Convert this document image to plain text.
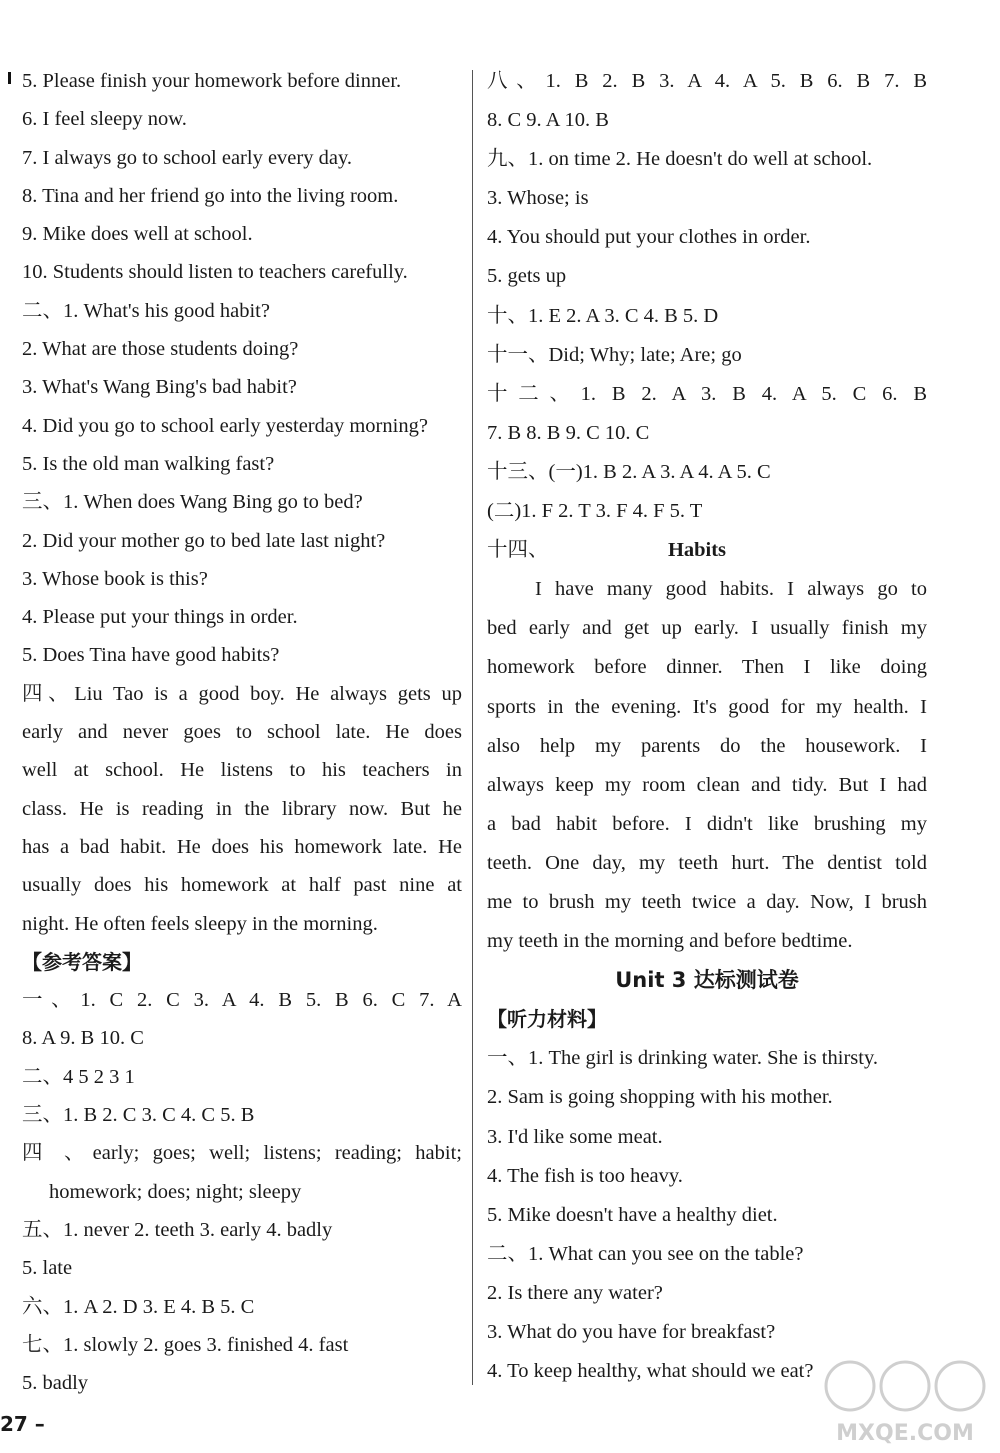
5. Please finish your homework before dinner.
6. I feel sleepy now.
7. I always go to school early every day.
8. Tina and her friend go into the living room.
9. Mike does well at school.
10. Students should listen to teachers carefully.
二、1. What's his good habit?
2. What are those students doing?
3. What's Wang Bing's bad habit?
4. Did you go to school early yesterday morning?
5. Is the old man walking fast?
三、1. When does Wang Bing go to bed?
2. Did your mother go to bed late last night?
3. Whose book is this?
4. Please put your things in order.
5. Does Tina have good habits?
四、Liu Tao is a good boy. He always gets up
early and never goes to school late. He does
well at school. He listens to his teachers in
class. He is reading in the library now. But he
has a bad habit. He does his homework late. He
usually does his homework at half past nine at
night. He often feels sleepy in the morning.
【参考答案】
一、1. C 2. C 3. A 4. B 5. B 6. C 7. A
8. A 9. B 10. C
二、4 5 2 3 1
三、1. B 2. C 3. C 4. C 5. B
四 、early; goes; well; listens; reading; habit;
homework; does; night; sleepy
五、1. never 2. teeth 3. early 4. badly
5. late
六、1. A 2. D 3. E 4. B 5. C
七、1. slowly 2. goes 3. finished 4. fast
5. badly
八、1. B 2. B 3. A 4. A 5. B 6. B 7. B
8. C 9. A 10. B
九、1. on time 2. He doesn't do well at school.
3. Whose; is
4. You should put your clothes in order.
5. gets up
十、1. E 2. A 3. C 4. B 5. D
十一、Did; Why; late; Are; go
十二、1. B 2. A 3. B 4. A 5. C 6. B
7. B 8. B 9. C 10. C
十三、(一)1. B 2. A 3. A 4. A 5. C
(二)1. F 2. T 3. F 4. F 5. T
十四、	Habits
I have many good habits. I always go to
bed early and get up early. I usually finish my
homework before dinner. Then I like doing
sports in the evening. It's good for my health. I
also help my parents do the housework. I
always keep my room clean and tidy. But I had
a bad habit before. I didn't like brushing my
teeth. One day, my teeth hurt. The dentist told
me to brush my teeth twice a day. Now, I brush
my teeth in the morning and before bedtime.
Unit 3 达标测试卷
【听力材料】
一、1. The girl is drinking water. She is thirsty.
2. Sam is going shopping with his mother.
3. I'd like some meat.
4. The fish is too heavy.
5. Mike doesn't have a healthy diet.
二、1. What can you see on the table?
2. Is there any water?
3. What do you have for breakfast?
4. To keep healthy, what should we eat?
27 –	MXQE.COM
